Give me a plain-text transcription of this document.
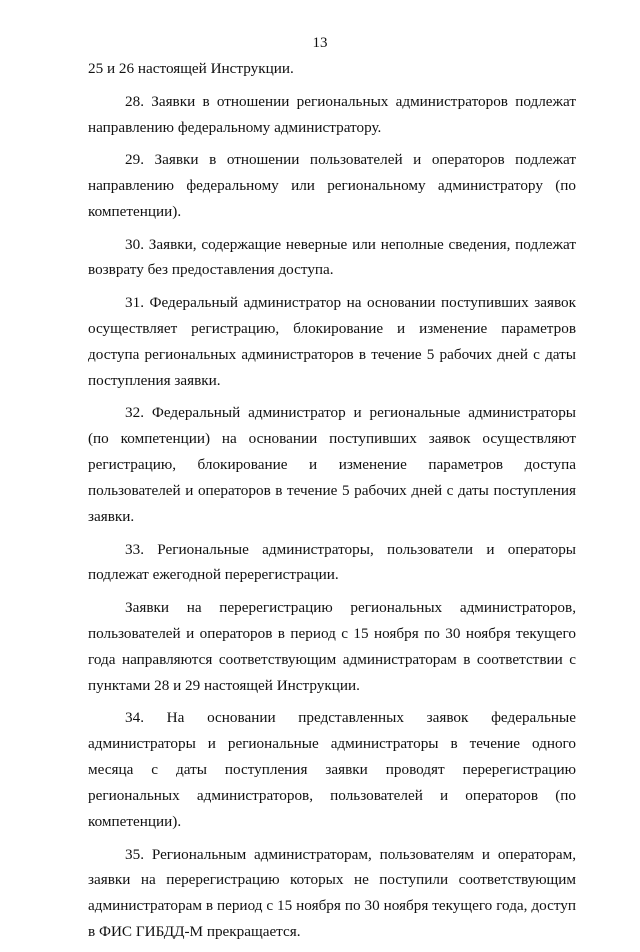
13

25 и 26 настоящей Инструкции.

28. Заявки в отношении региональных администраторов подлежат направлению федеральному администратору.

29. Заявки в отношении пользователей и операторов подлежат направлению федеральному или региональному администратору (по компетенции).

30. Заявки, содержащие неверные или неполные сведения, подлежат возврату без предоставления доступа.

31. Федеральный администратор на основании поступивших заявок осуществляет регистрацию, блокирование и изменение параметров доступа региональных администраторов в течение 5 рабочих дней с даты поступления заявки.

32. Федеральный администратор и региональные администраторы (по компетенции) на основании поступивших заявок осуществляют регистрацию, блокирование и изменение параметров доступа пользователей и операторов в течение 5 рабочих дней с даты поступления заявки.

33. Региональные администраторы, пользователи и операторы подлежат ежегодной перерегистрации.

Заявки на перерегистрацию региональных администраторов, пользователей и операторов в период с 15 ноября по 30 ноября текущего года направляются соответствующим администраторам в соответствии с пунктами 28 и 29 настоящей Инструкции.

34. На основании представленных заявок федеральные администраторы и региональные администраторы в течение одного месяца с даты поступления заявки проводят перерегистрацию региональных администраторов, пользователей и операторов (по компетенции).

35. Региональным администраторам, пользователям и операторам, заявки на перерегистрацию которых не поступили соответствующим администраторам в период с 15 ноября по 30 ноября текущего года, доступ в ФИС ГИБДД-М прекращается.
